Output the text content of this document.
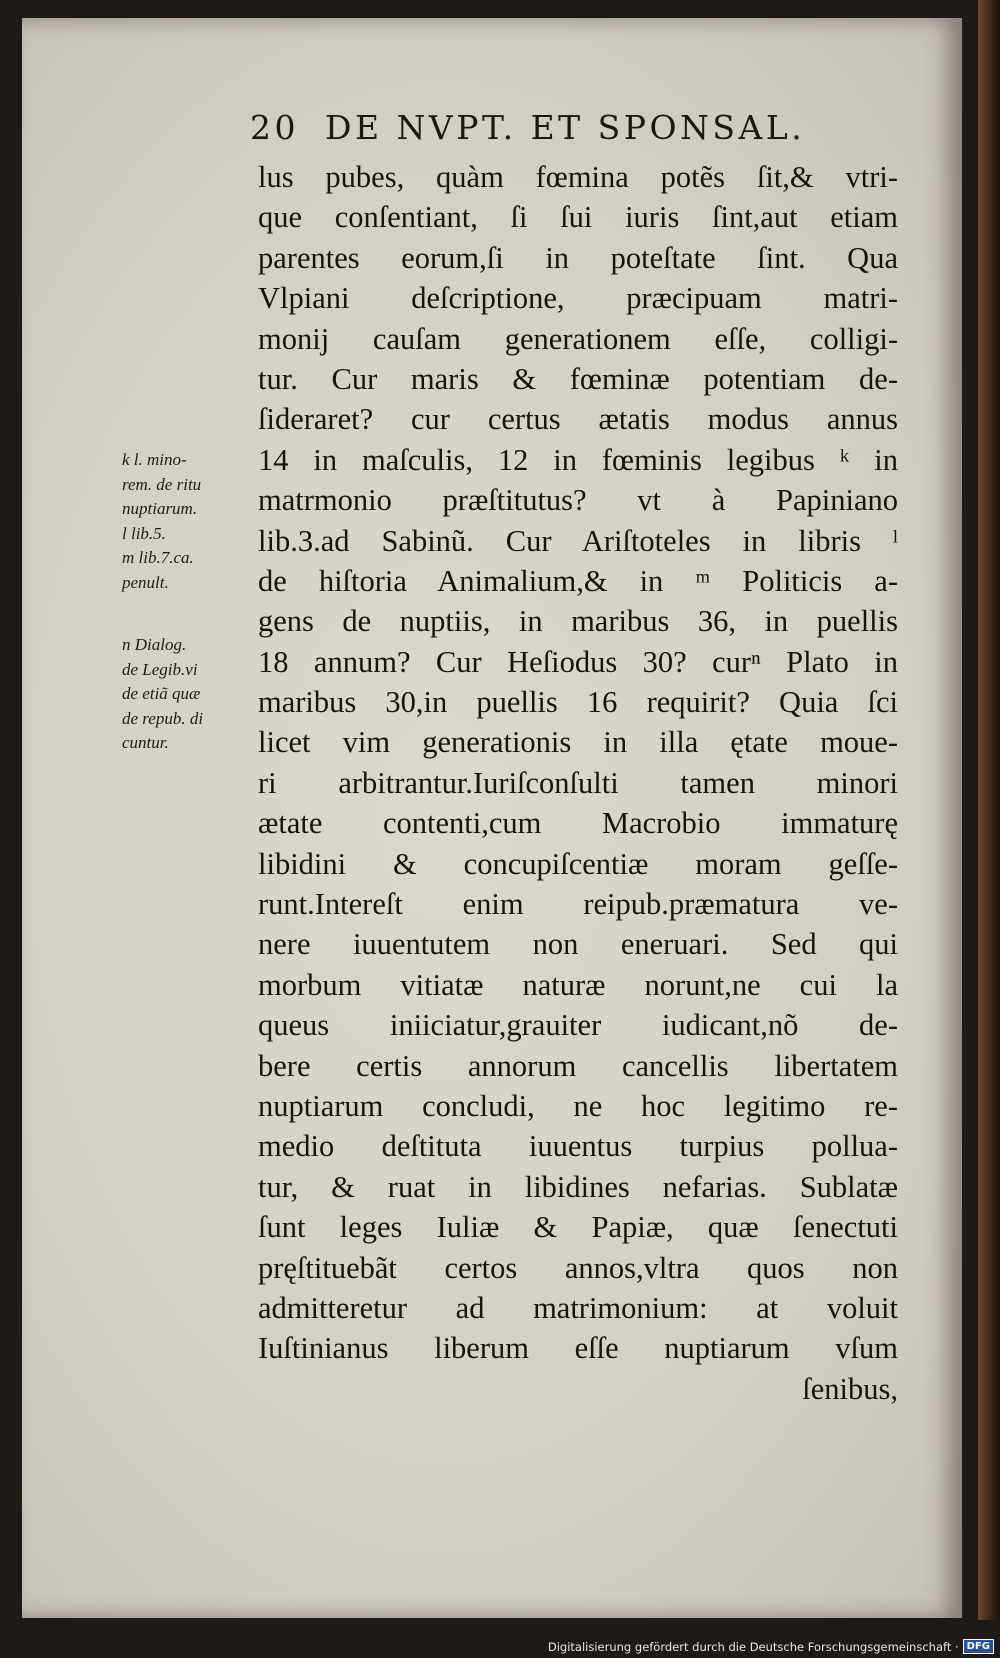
20 DE NVPT. ET SPONSAL.
k l. mino-
rem. de ritu
nuptiarum.
l lib.5.
m lib.7.ca.
penult.
n Dialog.
de Legib.vi
de etiã quæ
de repub. di
cuntur.
lus pubes, quàm fœmina potẽs ſit,& vtri-
que conſentiant, ſi ſui iuris ſint,aut etiam
parentes eorum,ſi in poteſtate ſint. Qua
Vlpiani deſcriptione, præcipuam matri-
monij cauſam generationem eſſe, colligi-
tur. Cur maris & fœminæ potentiam de-
ſideraret? cur certus ætatis modus annus
14 in maſculis, 12 in fœminis legibus ᵏ in
matrmonio præſtitutus? vt à Papiniano
lib.3.ad Sabinũ. Cur Ariſtoteles in libris ˡ
de hiſtoria Animalium,& in ᵐ Politicis a-
gens de nuptiis, in maribus 36, in puellis
18 annum? Cur Heſiodus 30? curⁿ Plato in
maribus 30,in puellis 16 requirit? Quia ſci
licet vim generationis in illa ętate moue-
ri arbitrantur.Iuriſconſulti tamen minori
ætate contenti,cum Macrobio immaturę
libidini & concupiſcentiæ moram geſſe-
runt.Intereſt enim reipub.præmatura ve-
nere iuuentutem non eneruari. Sed qui
morbum vitiatæ naturæ norunt,ne cui la
queus iniiciatur,grauiter iudicant,nõ de-
bere certis annorum cancellis libertatem
nuptiarum concludi, ne hoc legitimo re-
medio deſtituta iuuentus turpius pollua-
tur, & ruat in libidines nefarias. Sublatæ
ſunt leges Iuliæ & Papiæ, quæ ſenectuti
pręſtituebãt certos annos,vltra quos non
admitteretur ad matrimonium: at voluit
Iuſtinianus liberum eſſe nuptiarum vſum
ſenibus,
Digitalisierung gefördert durch die Deutsche Forschungsgemeinschaft · DFG
